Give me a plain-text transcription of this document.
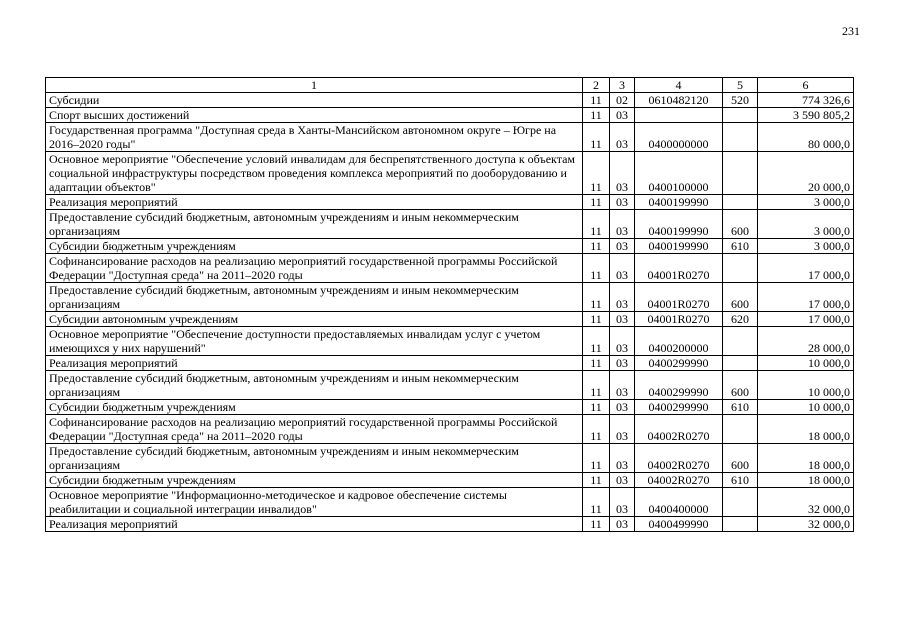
231
1	2	3	4	5	6
Субсидии	11	02	0610482120	520	774 326,6
Спорт высших достижений	11	03			3 590 805,2
Государственная программа "Доступная среда в Ханты-Мансийском автономном округе – Югре на 2016–2020 годы"	11	03	0400000000		80 000,0
Основное мероприятие "Обеспечение условий инвалидам для беспрепятственного доступа к объектам социальной инфраструктуры посредством проведения комплекса мероприятий по дооборудованию и адаптации объектов"	11	03	0400100000		20 000,0
Реализация мероприятий	11	03	0400199990		3 000,0
Предоставление субсидий бюджетным, автономным учреждениям и иным некоммерческим организациям	11	03	0400199990	600	3 000,0
Субсидии бюджетным учреждениям	11	03	0400199990	610	3 000,0
Софинансирование расходов на реализацию мероприятий государственной программы Российской Федерации "Доступная среда" на 2011–2020 годы	11	03	04001R0270		17 000,0
Предоставление субсидий бюджетным, автономным учреждениям и иным некоммерческим организациям	11	03	04001R0270	600	17 000,0
Субсидии автономным учреждениям	11	03	04001R0270	620	17 000,0
Основное мероприятие "Обеспечение доступности предоставляемых инвалидам услуг с учетом имеющихся у них нарушений"	11	03	0400200000		28 000,0
Реализация мероприятий	11	03	0400299990		10 000,0
Предоставление субсидий бюджетным, автономным учреждениям и иным некоммерческим организациям	11	03	0400299990	600	10 000,0
Субсидии бюджетным учреждениям	11	03	0400299990	610	10 000,0
Софинансирование расходов на реализацию мероприятий государственной программы Российской Федерации "Доступная среда" на 2011–2020 годы	11	03	04002R0270		18 000,0
Предоставление субсидий бюджетным, автономным учреждениям и иным некоммерческим организациям	11	03	04002R0270	600	18 000,0
Субсидии бюджетным учреждениям	11	03	04002R0270	610	18 000,0
Основное мероприятие "Информационно-методическое и кадровое обеспечение системы реабилитации и социальной интеграции инвалидов"	11	03	0400400000		32 000,0
Реализация мероприятий	11	03	0400499990		32 000,0
